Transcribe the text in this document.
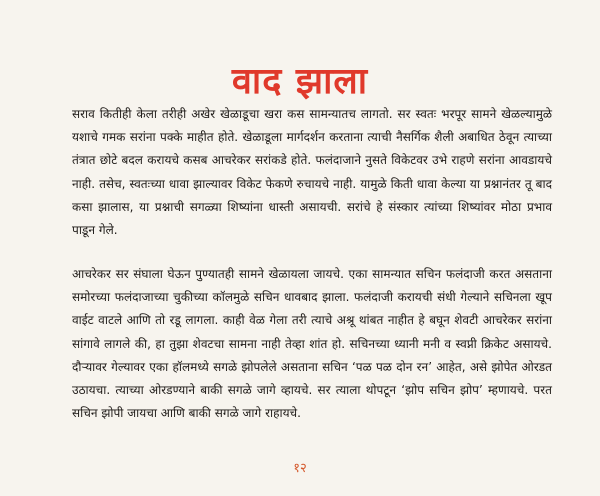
वाद झाला

सराव कितीही केला तरीही अखेर खेळाडूचा खरा कस सामन्यातच लागतो. सर स्वतः भरपूर सामने खेळल्यामुळे यशाचे गमक सरांना पक्के माहीत होते. खेळाडूला मार्गदर्शन करताना त्याची नैसर्गिक शैली अबाधित ठेवून त्याच्या तंत्रात छोटे बदल करायचे कसब आचरेकर सरांकडे होते. फलंदाजाने नुसते विकेटवर उभे राहणे सरांना आवडायचे नाही. तसेच, स्वतःच्या धावा झाल्यावर विकेट फेकणे रुचायचे नाही. यामुळे किती धावा केल्या या प्रश्नानंतर तू बाद कसा झालास, या प्रश्नाची सगळ्या शिष्यांना धास्ती असायची. सरांचे हे संस्कार त्यांच्या शिष्यांवर मोठा प्रभाव पाडून गेले.

आचरेकर सर संघाला घेऊन पुण्यातही सामने खेळायला जायचे. एका सामन्यात सचिन फलंदाजी करत असताना समोरच्या फलंदाजाच्या चुकीच्या कॉलमुळे सचिन धावबाद झाला. फलंदाजी करायची संधी गेल्याने सचिनला खूप वाईट वाटले आणि तो रडू लागला. काही वेळ गेला तरी त्याचे अश्रू थांबत नाहीत हे बघून शेवटी आचरेकर सरांना सांगावे लागले की, हा तुझा शेवटचा सामना नाही तेव्हा शांत हो. सचिनच्या ध्यानी मनी व स्वप्नी क्रिकेट असायचे. दौऱ्यावर गेल्यावर एका हॉलमध्ये सगळे झोपलेले असताना सचिन ‘पळ पळ दोन रन’ आहेत, असे झोपेत ओरडत उठायचा. त्याच्या ओरडण्याने बाकी सगळे जागे व्हायचे. सर त्याला थोपटून ‘झोप सचिन झोप’ म्हणायचे. परत सचिन झोपी जायचा आणि बाकी सगळे जागे राहायचे.

१२
